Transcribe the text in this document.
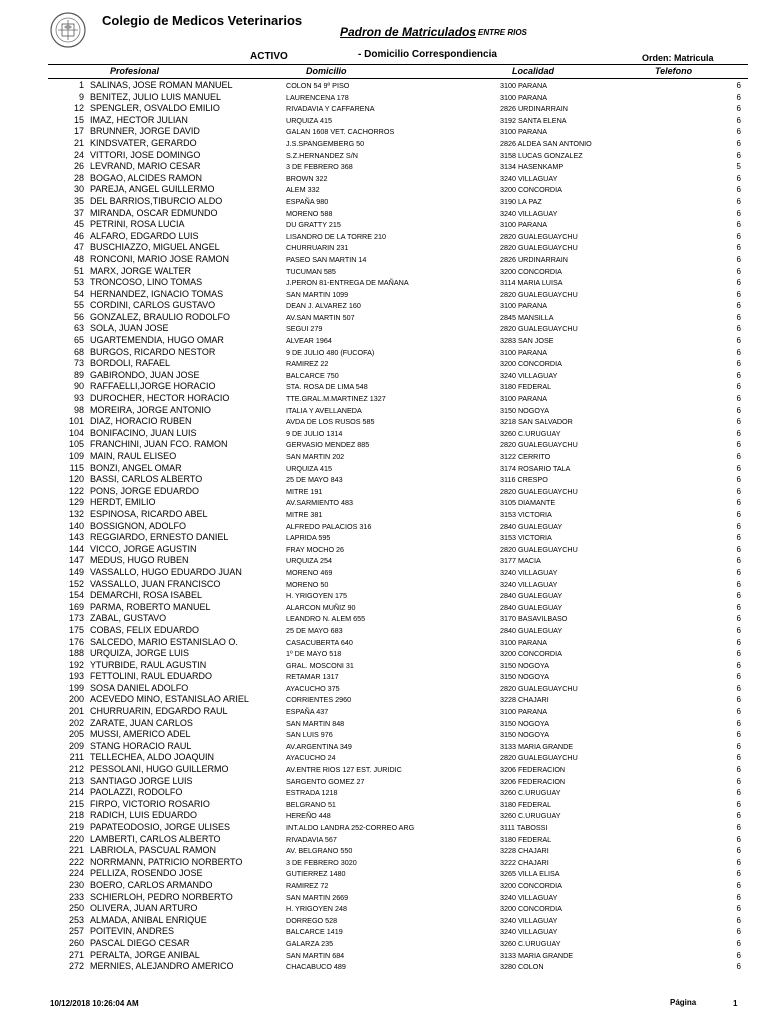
Colegio de Medicos Veterinarios
Padron de Matriculados ENTRE RIOS
ACTIVO	- Domicilio Correspondiencia	Orden: Matricula
Profesional	Domicilio	Localidad	Telefono
1 SALINAS, JOSE ROMAN MANUEL	COLON 54 9º PISO	3100 PARANA	6
9 BENITEZ, JULIO LUIS MANUEL	LAURENCENA 178	3100 PARANA	6
12 SPENGLER, OSVALDO EMILIO	RIVADAVIA Y CAFFARENA	2826 URDINARRAIN	6
15 IMAZ, HECTOR JULIAN	URQUIZA 415	3192 SANTA ELENA	6
17 BRUNNER, JORGE DAVID	GALAN 1608 VET. CACHORROS	3100 PARANA	6
21 KINDSVATER, GERARDO	J.S.SPANGEMBERG 50	2826 ALDEA SAN ANTONIO	6
24 VITTORI, JOSE DOMINGO	S.Z.HERNANDEZ S/N	3158 LUCAS GONZALEZ	6
26 LEVRAND, MARIO CESAR	3 DE FEBRERO 368	3134 HASENKAMP	5
28 BOGAO, ALCIDES RAMON	BROWN 322	3240 VILLAGUAY	6
30 PAREJA, ANGEL GUILLERMO	ALEM 332	3200 CONCORDIA	6
35 DEL BARRIOS,TIBURCIO ALDO	ESPAÑA 980	3190 LA PAZ	6
37 MIRANDA, OSCAR EDMUNDO	MORENO 588	3240 VILLAGUAY	6
45 PETRINI, ROSA LUCIA	DU GRATTY 215	3100 PARANA	6
46 ALFARO, EDGARDO LUIS	LISANDRO DE LA TORRE 210	2820 GUALEGUAYCHU	6
47 BUSCHIAZZO, MIGUEL ANGEL	CHURRUARIN 231	2820 GUALEGUAYCHU	6
48 RONCONI, MARIO JOSE RAMON	PASEO SAN MARTIN 14	2826 URDINARRAIN	6
51 MARX, JORGE WALTER	TUCUMAN 585	3200 CONCORDIA	6
53 TRONCOSO, LINO TOMAS	J.PERON 81-ENTREGA DE MAÑANA	3114 MARIA LUISA	6
54 HERNANDEZ, IGNACIO TOMAS	SAN MARTIN 1099	2820 GUALEGUAYCHU	6
55 CORDINI, CARLOS GUSTAVO	DEAN J. ALVAREZ 160	3100 PARANA	6
56 GONZALEZ, BRAULIO RODOLFO	AV.SAN MARTIN 507	2845 MANSILLA	6
63 SOLA, JUAN JOSE	SEGUI 279	2820 GUALEGUAYCHU	6
65 UGARTEMENDIA, HUGO OMAR	ALVEAR 1964	3283 SAN JOSE	6
68 BURGOS, RICARDO NESTOR	9 DE JULIO 480 (FUCOFA)	3100 PARANA	6
73 BORDOLI, RAFAEL	RAMIREZ 22	3200 CONCORDIA	6
89 GABIRONDO, JUAN JOSE	BALCARCE 750	3240 VILLAGUAY	6
90 RAFFAELLI,JORGE HORACIO	STA. ROSA DE LIMA 548	3180 FEDERAL	6
93 DUROCHER, HECTOR HORACIO	TTE.GRAL.M.MARTINEZ 1327	3100 PARANA	6
98 MOREIRA, JORGE ANTONIO	ITALIA Y AVELLANEDA	3150 NOGOYA	6
101 DIAZ, HORACIO RUBEN	AVDA DE LOS RUSOS 585	3218 SAN SALVADOR	6
104 BONIFACINO, JUAN LUIS	9 DE JULIO 1314	3260 C.URUGUAY	6
105 FRANCHINI, JUAN FCO. RAMON	GERVASIO MENDEZ 885	2820 GUALEGUAYCHU	6
109 MAIN, RAUL ELISEO	SAN MARTIN 202	3122 CERRITO	6
115 BONZI, ANGEL OMAR	URQUIZA 415	3174 ROSARIO TALA	6
120 BASSI, CARLOS ALBERTO	25 DE MAYO 843	3116 CRESPO	6
122 PONS, JORGE EDUARDO	MITRE 191	2820 GUALEGUAYCHU	6
129 HERDT, EMILIO	AV.SARMIENTO 483	3105 DIAMANTE	6
132 ESPINOSA, RICARDO ABEL	MITRE 381	3153 VICTORIA	6
140 BOSSIGNON, ADOLFO	ALFREDO PALACIOS 316	2840 GUALEGUAY	6
143 REGGIARDO, ERNESTO DANIEL	LAPRIDA 595	3153 VICTORIA	6
144 VICCO, JORGE AGUSTIN	FRAY MOCHO 26	2820 GUALEGUAYCHU	6
147 MEDUS, HUGO RUBEN	URQUIZA 254	3177 MACIA	6
149 VASSALLO, HUGO EDUARDO JUAN	MORENO 469	3240 VILLAGUAY	6
152 VASSALLO, JUAN FRANCISCO	MORENO 50	3240 VILLAGUAY	6
154 DEMARCHI, ROSA ISABEL	H. YRIGOYEN 175	2840 GUALEGUAY	6
169 PARMA, ROBERTO MANUEL	ALARCON MUÑIZ 90	2840 GUALEGUAY	6
173 ZABAL, GUSTAVO	LEANDRO N. ALEM 655	3170 BASAVILBASO	6
175 COBAS, FELIX EDUARDO	25 DE MAYO 683	2840 GUALEGUAY	6
176 SALCEDO, MARIO ESTANISLAO O.	CASACUBERTA 640	3100 PARANA	6
188 URQUIZA, JORGE LUIS	1º DE MAYO 518	3200 CONCORDIA	6
192 YTURBIDE, RAUL AGUSTIN	GRAL. MOSCONI 31	3150 NOGOYA	6
193 FETTOLINI, RAUL EDUARDO	RETAMAR 1317	3150 NOGOYA	6
199 SOSA DANIEL ADOLFO	AYACUCHO 375	2820 GUALEGUAYCHU	6
200 ACEVEDO MINO, ESTANISLAO ARIEL	CORRIENTES 2960	3228 CHAJARI	6
201 CHURRUARIN, EDGARDO RAUL	ESPAÑA 437	3100 PARANA	6
202 ZARATE, JUAN CARLOS	SAN MARTIN 848	3150 NOGOYA	6
205 MUSSI, AMERICO ADEL	SAN LUIS 976	3150 NOGOYA	6
209 STANG HORACIO RAUL	AV.ARGENTINA 349	3133 MARIA GRANDE	6
211 TELLECHEA, ALDO JOAQUIN	AYACUCHO 24	2820 GUALEGUAYCHU	6
212 PESSOLANI, HUGO GUILLERMO	AV.ENTRE RIOS 127 EST. JURIDIC	3206 FEDERACION	6
213 SANTIAGO JORGE LUIS	SARGENTO GOMEZ 27	3206 FEDERACION	6
214 PAOLAZZI, RODOLFO	ESTRADA 1218	3260 C.URUGUAY	6
215 FIRPO, VICTORIO ROSARIO	BELGRANO 51	3180 FEDERAL	6
218 RADICH, LUIS EDUARDO	HEREÑO 448	3260 C.URUGUAY	6
219 PAPATEODOSIO, JORGE ULISES	INT.ALDO LANDRA 252-CORREO ARG	3111 TABOSSI	6
220 LAMBERTI, CARLOS ALBERTO	RIVADAVIA 567	3180 FEDERAL	6
221 LABRIOLA, PASCUAL RAMON	AV. BELGRANO 550	3228 CHAJARI	6
222 NORRMANN, PATRICIO NORBERTO	3 DE FEBRERO 3020	3222 CHAJARI	6
224 PELLIZA, ROSENDO JOSE	GUTIERREZ 1480	3265 VILLA ELISA	6
230 BOERO, CARLOS ARMANDO	RAMIREZ 72	3200 CONCORDIA	6
233 SCHIERLOH, PEDRO NORBERTO	SAN MARTIN 2669	3240 VILLAGUAY	6
250 OLIVERA, JUAN ARTURO	H. YRIGOYEN 248	3200 CONCORDIA	6
253 ALMADA, ANIBAL ENRIQUE	DORREGO 528	3240 VILLAGUAY	6
257 POITEVIN, ANDRES	BALCARCE 1419	3240 VILLAGUAY	6
260 PASCAL DIEGO CESAR	GALARZA 235	3260 C.URUGUAY	6
271 PERALTA, JORGE ANIBAL	SAN MARTIN 684	3133 MARIA GRANDE	6
272 MERNIES, ALEJANDRO AMERICO	CHACABUCO 489	3280 COLON	6
10/12/2018 10:26:04 AM	Página	1
